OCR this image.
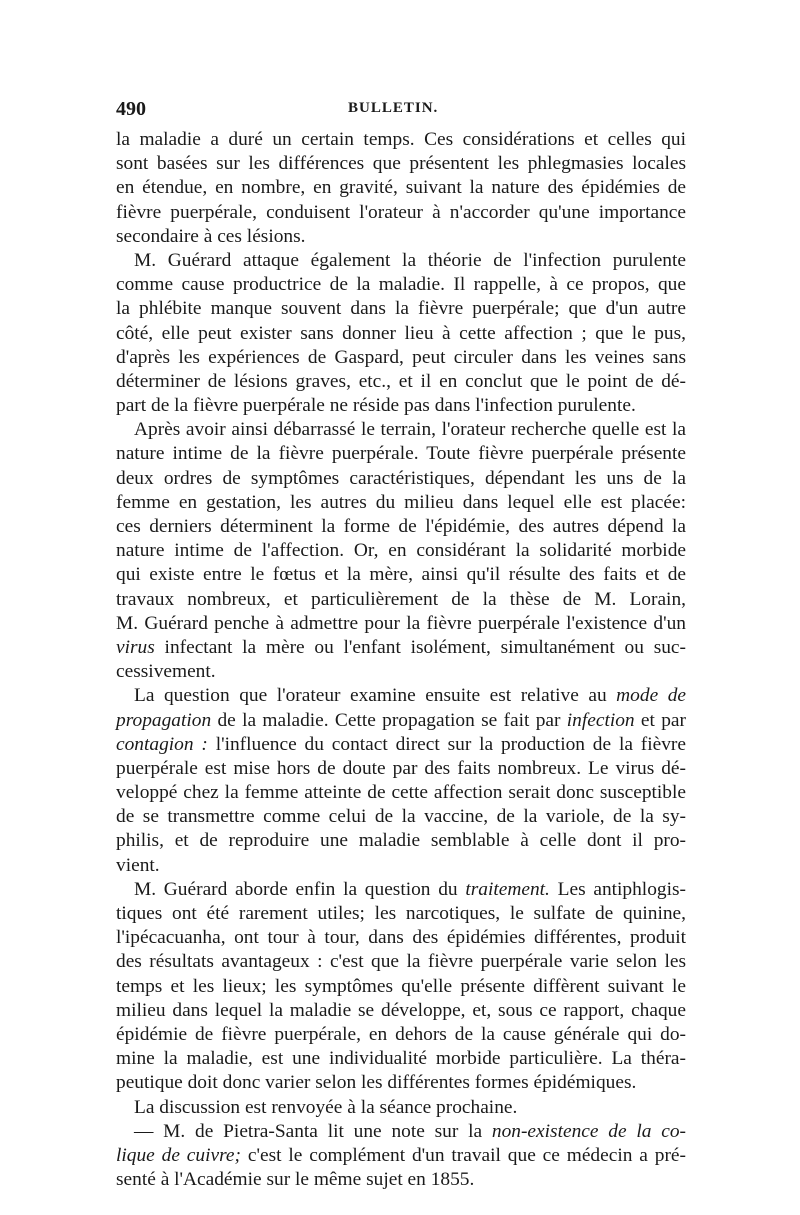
490	BULLETIN.
la maladie a duré un certain temps. Ces considérations et celles qui
sont basées sur les différences que présentent les phlegmasies locales
en étendue, en nombre, en gravité, suivant la nature des épidémies de
fièvre puerpérale, conduisent l'orateur à n'accorder qu'une importance
secondaire à ces lésions.
M. Guérard attaque également la théorie de l'infection purulente
comme cause productrice de la maladie. Il rappelle, à ce propos, que
la phlébite manque souvent dans la fièvre puerpérale; que d'un autre
côté, elle peut exister sans donner lieu à cette affection ; que le pus,
d'après les expériences de Gaspard, peut circuler dans les veines sans
déterminer de lésions graves, etc., et il en conclut que le point de dé-
part de la fièvre puerpérale ne réside pas dans l'infection purulente.
Après avoir ainsi débarrassé le terrain, l'orateur recherche quelle est la
nature intime de la fièvre puerpérale. Toute fièvre puerpérale présente
deux ordres de symptômes caractéristiques, dépendant les uns de la
femme en gestation, les autres du milieu dans lequel elle est placée:
ces derniers déterminent la forme de l'épidémie, des autres dépend la
nature intime de l'affection. Or, en considérant la solidarité morbide
qui existe entre le fœtus et la mère, ainsi qu'il résulte des faits et de
travaux nombreux, et particulièrement de la thèse de M. Lorain,
M. Guérard penche à admettre pour la fièvre puerpérale l'existence d'un
virus infectant la mère ou l'enfant isolément, simultanément ou suc-
cessivement.
La question que l'orateur examine ensuite est relative au mode de
propagation de la maladie. Cette propagation se fait par infection et par
contagion : l'influence du contact direct sur la production de la fièvre
puerpérale est mise hors de doute par des faits nombreux. Le virus dé-
veloppé chez la femme atteinte de cette affection serait donc susceptible
de se transmettre comme celui de la vaccine, de la variole, de la sy-
philis, et de reproduire une maladie semblable à celle dont il pro-
vient.
M. Guérard aborde enfin la question du traitement. Les antiphlogis-
tiques ont été rarement utiles; les narcotiques, le sulfate de quinine,
l'ipécacuanha, ont tour à tour, dans des épidémies différentes, produit
des résultats avantageux : c'est que la fièvre puerpérale varie selon les
temps et les lieux; les symptômes qu'elle présente diffèrent suivant le
milieu dans lequel la maladie se développe, et, sous ce rapport, chaque
épidémie de fièvre puerpérale, en dehors de la cause générale qui do-
mine la maladie, est une individualité morbide particulière. La théra-
peutique doit donc varier selon les différentes formes épidémiques.
La discussion est renvoyée à la séance prochaine.
— M. de Pietra-Santa lit une note sur la non-existence de la co-
lique de cuivre; c'est le complément d'un travail que ce médecin a pré-
senté à l'Académie sur le même sujet en 1855.
